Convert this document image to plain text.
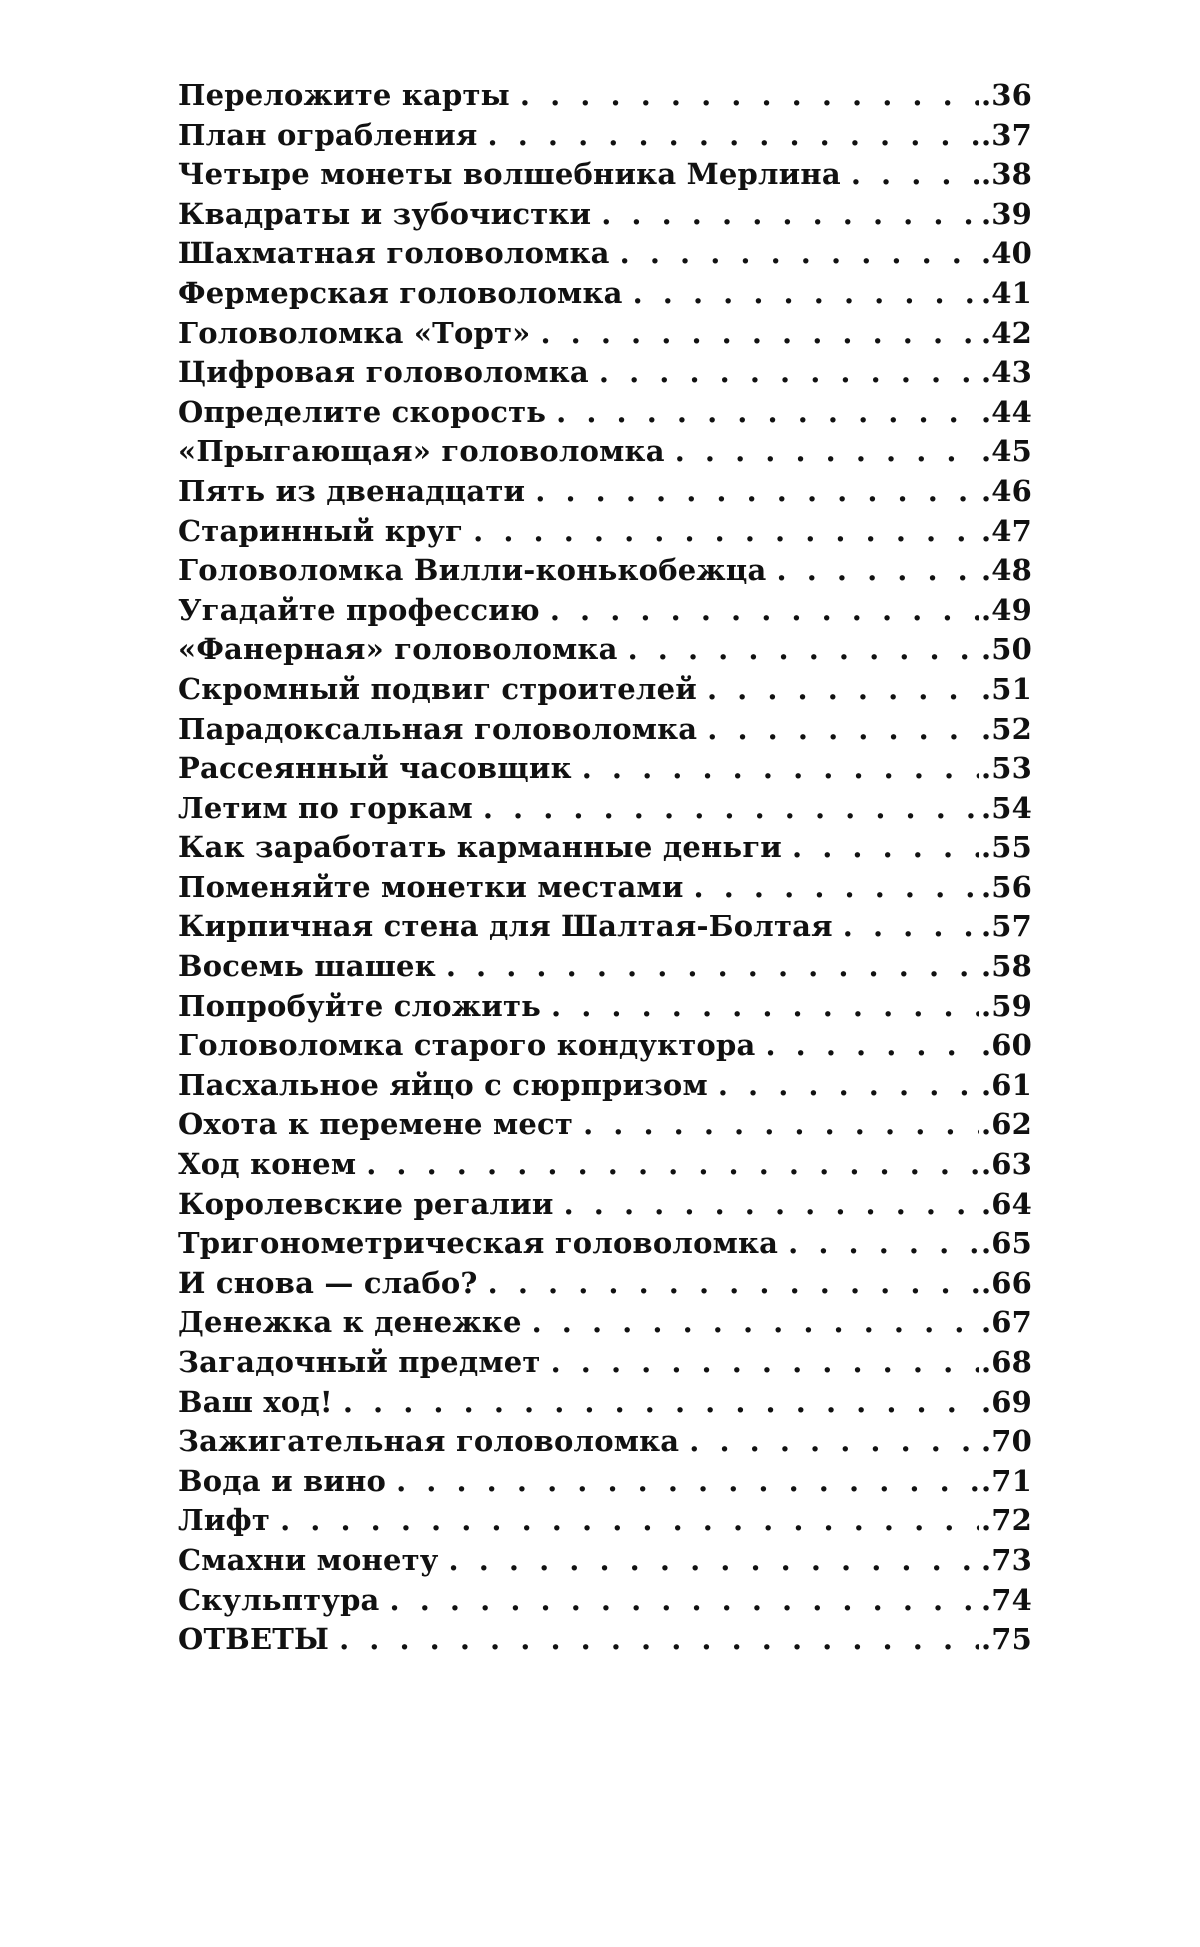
Переложите карты . . .	.36
План ограбления . . .	.37
Четыре монеты волшебника Мерлина . . .	.38
Квадраты и зубочистки . . .	.39
Шахматная головоломка . . .	.40
Фермерская головоломка . . .	.41
Головоломка «Торт» . . .	.42
Цифровая головоломка . . .	.43
Определите скорость . . .	.44
«Прыгающая» головоломка . . .	.45
Пять из двенадцати . . .	.46
Старинный круг . . .	.47
Головоломка Вилли-конькобежца . . .	.48
Угадайте профессию . . .	.49
«Фанерная» головоломка . . .	.50
Скромный подвиг строителей . . .	.51
Парадоксальная головоломка . . .	.52
Рассеянный часовщик . . .	.53
Летим по горкам . . .	.54
Как заработать карманные деньги . . .	.55
Поменяйте монетки местами . . .	.56
Кирпичная стена для Шалтая-Болтая . . .	.57
Восемь шашек . . .	.58
Попробуйте сложить . . .	.59
Головоломка старого кондуктора . . .	.60
Пасхальное яйцо с сюрпризом . . .	.61
Охота к перемене мест . . .	.62
Ход конем . . .	.63
Королевские регалии . . .	.64
Тригонометрическая головоломка . . .	.65
И снова — слабо? . . .	.66
Денежка к денежке . . .	.67
Загадочный предмет . . .	.68
Ваш ход! . . .	.69
Зажигательная головоломка . . .	.70
Вода и вино . . .	.71
Лифт . . .	.72
Смахни монету . . .	.73
Скульптура . . .	.74
ОТВЕТЫ . . .	.75
